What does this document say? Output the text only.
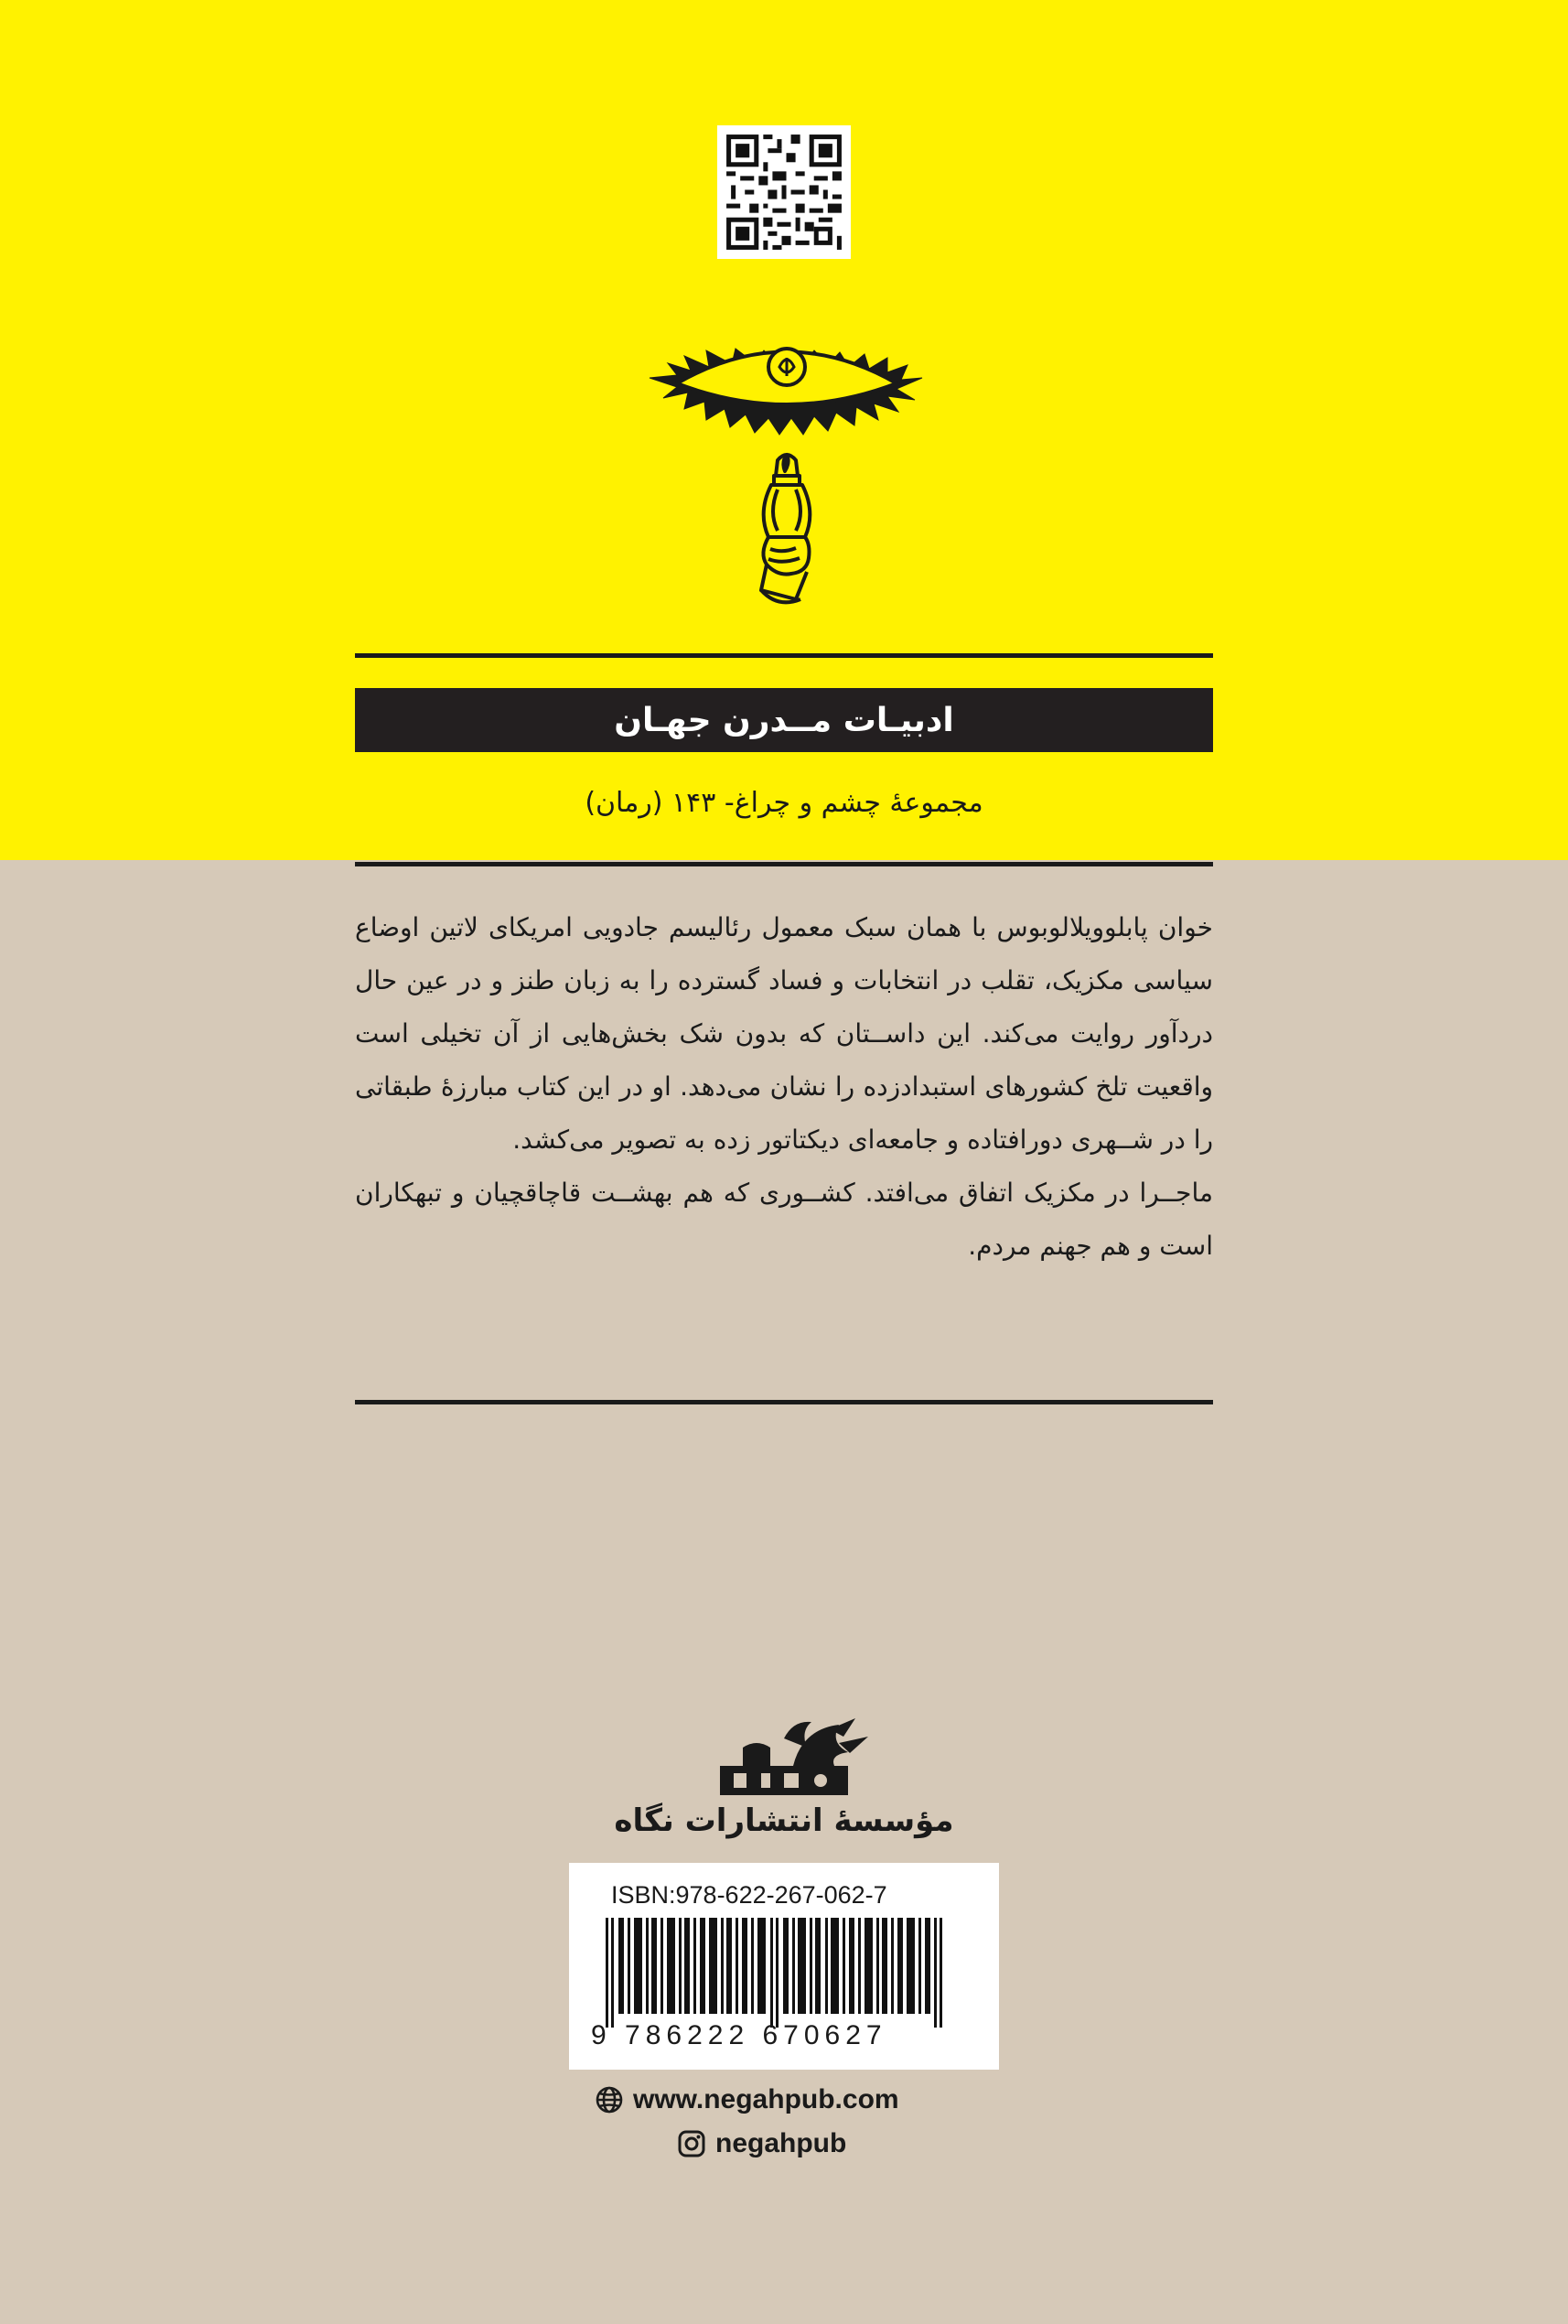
ادبیـات مــدرن جهـان
مجموعهٔ چشم و چراغ- ۱۴۳ (رمان)

خوان پابلوویلالوبوس با همان سبک معمول رئالیسم جادویی امریکای لاتین اوضاع سیاسی مکزیک، تقلب در انتخابات و فساد گسترده را به زبان طنز و در عین حال دردآور روایت می‌کند. این داســتان که بدون شک بخش‌هایی از آن تخیلی است واقعیت تلخ کشورهای استبدادزده را نشان می‌دهد. او در این کتاب مبارزهٔ طبقاتی را در شــهری دورافتاده و جامعه‌ای دیکتاتور زده به تصویر می‌کشد.

ماجــرا در مکزیک اتفاق می‌افتد. کشــوری که هم بهشــت قاچاقچیان و تبهکاران است و هم جهنم مردم.

مؤسسهٔ انتشارات نگاه
ISBN:978-622-267-062-7
9 786222 670627
www.negahpub.com
negahpub
